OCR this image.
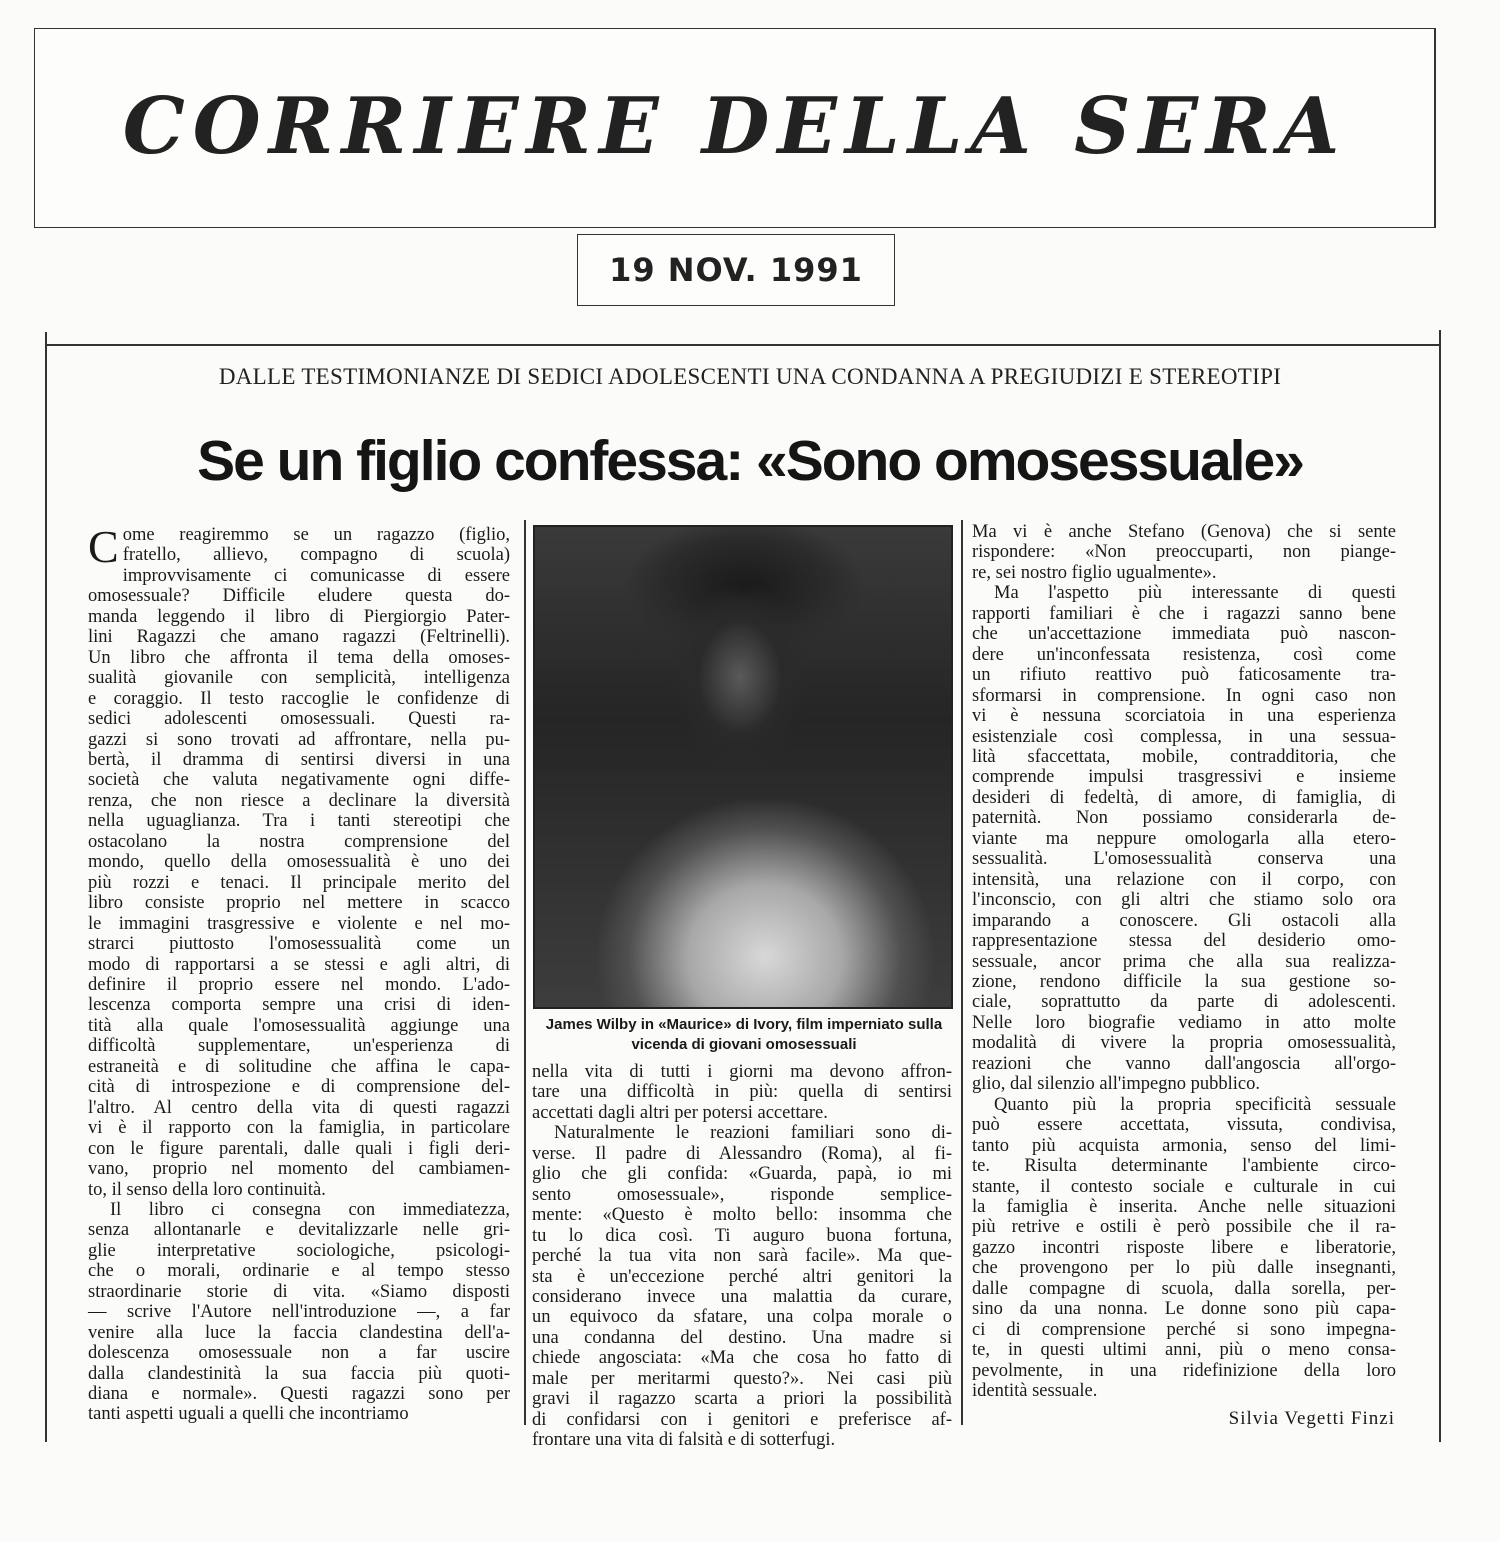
CORRIERE DELLA SERA
19 NOV. 1991
DALLE TESTIMONIANZE DI SEDICI ADOLESCENTI UNA CONDANNA A PREGIUDIZI E STEREOTIPI
Se un figlio confessa: «Sono omosessuale»
C ome reagiremmo se un ragazzo (figlio,
fratello, allievo, compagno di scuola)
improvvisamente ci comunicasse di essere
omosessuale? Difficile eludere questa do-
manda leggendo il libro di Piergiorgio Pater-
lini Ragazzi che amano ragazzi (Feltrinelli).
Un libro che affronta il tema della omoses-
sualità giovanile con semplicità, intelligenza
e coraggio. Il testo raccoglie le confidenze di
sedici adolescenti omosessuali. Questi ra-
gazzi si sono trovati ad affrontare, nella pu-
bertà, il dramma di sentirsi diversi in una
società che valuta negativamente ogni diffe-
renza, che non riesce a declinare la diversità
nella uguaglianza. Tra i tanti stereotipi che
ostacolano la nostra comprensione del
mondo, quello della omosessualità è uno dei
più rozzi e tenaci. Il principale merito del
libro consiste proprio nel mettere in scacco
le immagini trasgressive e violente e nel mo-
strarci piuttosto l'omosessualità come un
modo di rapportarsi a se stessi e agli altri, di
definire il proprio essere nel mondo. L'ado-
lescenza comporta sempre una crisi di iden-
tità alla quale l'omosessualità aggiunge una
difficoltà supplementare, un'esperienza di
estraneità e di solitudine che affina le capa-
cità di introspezione e di comprensione del-
l'altro. Al centro della vita di questi ragazzi
vi è il rapporto con la famiglia, in particolare
con le figure parentali, dalle quali i figli deri-
vano, proprio nel momento del cambiamen-
to, il senso della loro continuità.
Il libro ci consegna con immediatezza,
senza allontanarle e devitalizzarle nelle gri-
glie interpretative sociologiche, psicologi-
che o morali, ordinarie e al tempo stesso
straordinarie storie di vita. «Siamo disposti
— scrive l'Autore nell'introduzione —, a far
venire alla luce la faccia clandestina dell'a-
dolescenza omosessuale non a far uscire
dalla clandestinità la sua faccia più quoti-
diana e normale». Questi ragazzi sono per
tanti aspetti uguali a quelli che incontriamo
James Wilby in «Maurice» di Ivory, film imperniato sulla vicenda di giovani omosessuali
nella vita di tutti i giorni ma devono affron-
tare una difficoltà in più: quella di sentirsi
accettati dagli altri per potersi accettare.
Naturalmente le reazioni familiari sono di-
verse. Il padre di Alessandro (Roma), al fi-
glio che gli confida: «Guarda, papà, io mi
sento omosessuale», risponde semplice-
mente: «Questo è molto bello: insomma che
tu lo dica così. Ti auguro buona fortuna,
perché la tua vita non sarà facile». Ma que-
sta è un'eccezione perché altri genitori la
considerano invece una malattia da curare,
un equivoco da sfatare, una colpa morale o
una condanna del destino. Una madre si
chiede angosciata: «Ma che cosa ho fatto di
male per meritarmi questo?». Nei casi più
gravi il ragazzo scarta a priori la possibilità
di confidarsi con i genitori e preferisce af-
frontare una vita di falsità e di sotterfugi.
Ma vi è anche Stefano (Genova) che si sente
rispondere: «Non preoccuparti, non piange-
re, sei nostro figlio ugualmente».
Ma l'aspetto più interessante di questi
rapporti familiari è che i ragazzi sanno bene
che un'accettazione immediata può nascon-
dere un'inconfessata resistenza, così come
un rifiuto reattivo può faticosamente tra-
sformarsi in comprensione. In ogni caso non
vi è nessuna scorciatoia in una esperienza
esistenziale così complessa, in una sessua-
lità sfaccettata, mobile, contradditoria, che
comprende impulsi trasgressivi e insieme
desideri di fedeltà, di amore, di famiglia, di
paternità. Non possiamo considerarla de-
viante ma neppure omologarla alla etero-
sessualità. L'omosessualità conserva una
intensità, una relazione con il corpo, con
l'inconscio, con gli altri che stiamo solo ora
imparando a conoscere. Gli ostacoli alla
rappresentazione stessa del desiderio omo-
sessuale, ancor prima che alla sua realizza-
zione, rendono difficile la sua gestione so-
ciale, soprattutto da parte di adolescenti.
Nelle loro biografie vediamo in atto molte
modalità di vivere la propria omosessualità,
reazioni che vanno dall'angoscia all'orgo-
glio, dal silenzio all'impegno pubblico.
Quanto più la propria specificità sessuale
può essere accettata, vissuta, condivisa,
tanto più acquista armonia, senso del limi-
te. Risulta determinante l'ambiente circo-
stante, il contesto sociale e culturale in cui
la famiglia è inserita. Anche nelle situazioni
più retrive e ostili è però possibile che il ra-
gazzo incontri risposte libere e liberatorie,
che provengono per lo più dalle insegnanti,
dalle compagne di scuola, dalla sorella, per-
sino da una nonna. Le donne sono più capa-
ci di comprensione perché si sono impegna-
te, in questi ultimi anni, più o meno consa-
pevolmente, in una ridefinizione della loro
identità sessuale.
Silvia Vegetti Finzi
